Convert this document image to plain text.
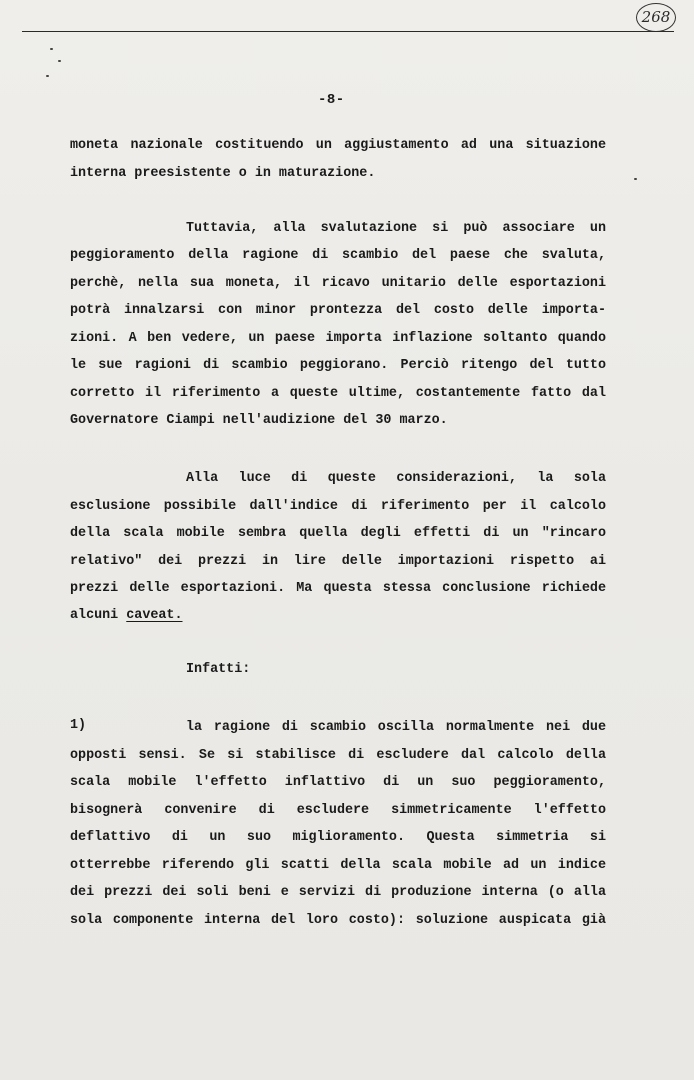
268
-8-
moneta nazionale costituendo un aggiustamento ad una situazione
interna preesistente o in maturazione.
Tuttavia, alla svalutazione si può associare un
peggioramento della ragione di scambio del paese che svaluta,
perchè, nella sua moneta, il ricavo unitario delle esportazioni
potrà innalzarsi con minor prontezza del costo delle importa-
zioni. A ben vedere, un paese importa inflazione soltanto quando
le sue ragioni di scambio peggiorano. Perciò ritengo del tutto
corretto il riferimento a queste ultime, costantemente fatto dal
Governatore Ciampi nell'audizione del 30 marzo.
Alla luce di queste considerazioni, la sola
esclusione possibile dall'indice di riferimento per il calcolo
della scala mobile sembra quella degli effetti di un "rincaro
relativo" dei prezzi in lire delle importazioni rispetto ai
prezzi delle esportazioni. Ma questa stessa conclusione richiede
alcuni caveat.
Infatti:
1)	la ragione di scambio oscilla normalmente nei due
opposti sensi. Se si stabilisce di escludere dal calcolo della
scala mobile l'effetto inflattivo di un suo peggioramento,
bisognerà convenire di escludere simmetricamente l'effetto
deflattivo di un suo miglioramento. Questa simmetria si
otterrebbe riferendo gli scatti della scala mobile ad un indice
dei prezzi dei soli beni e servizi di produzione interna (o alla
sola componente interna del loro costo): soluzione auspicata già
